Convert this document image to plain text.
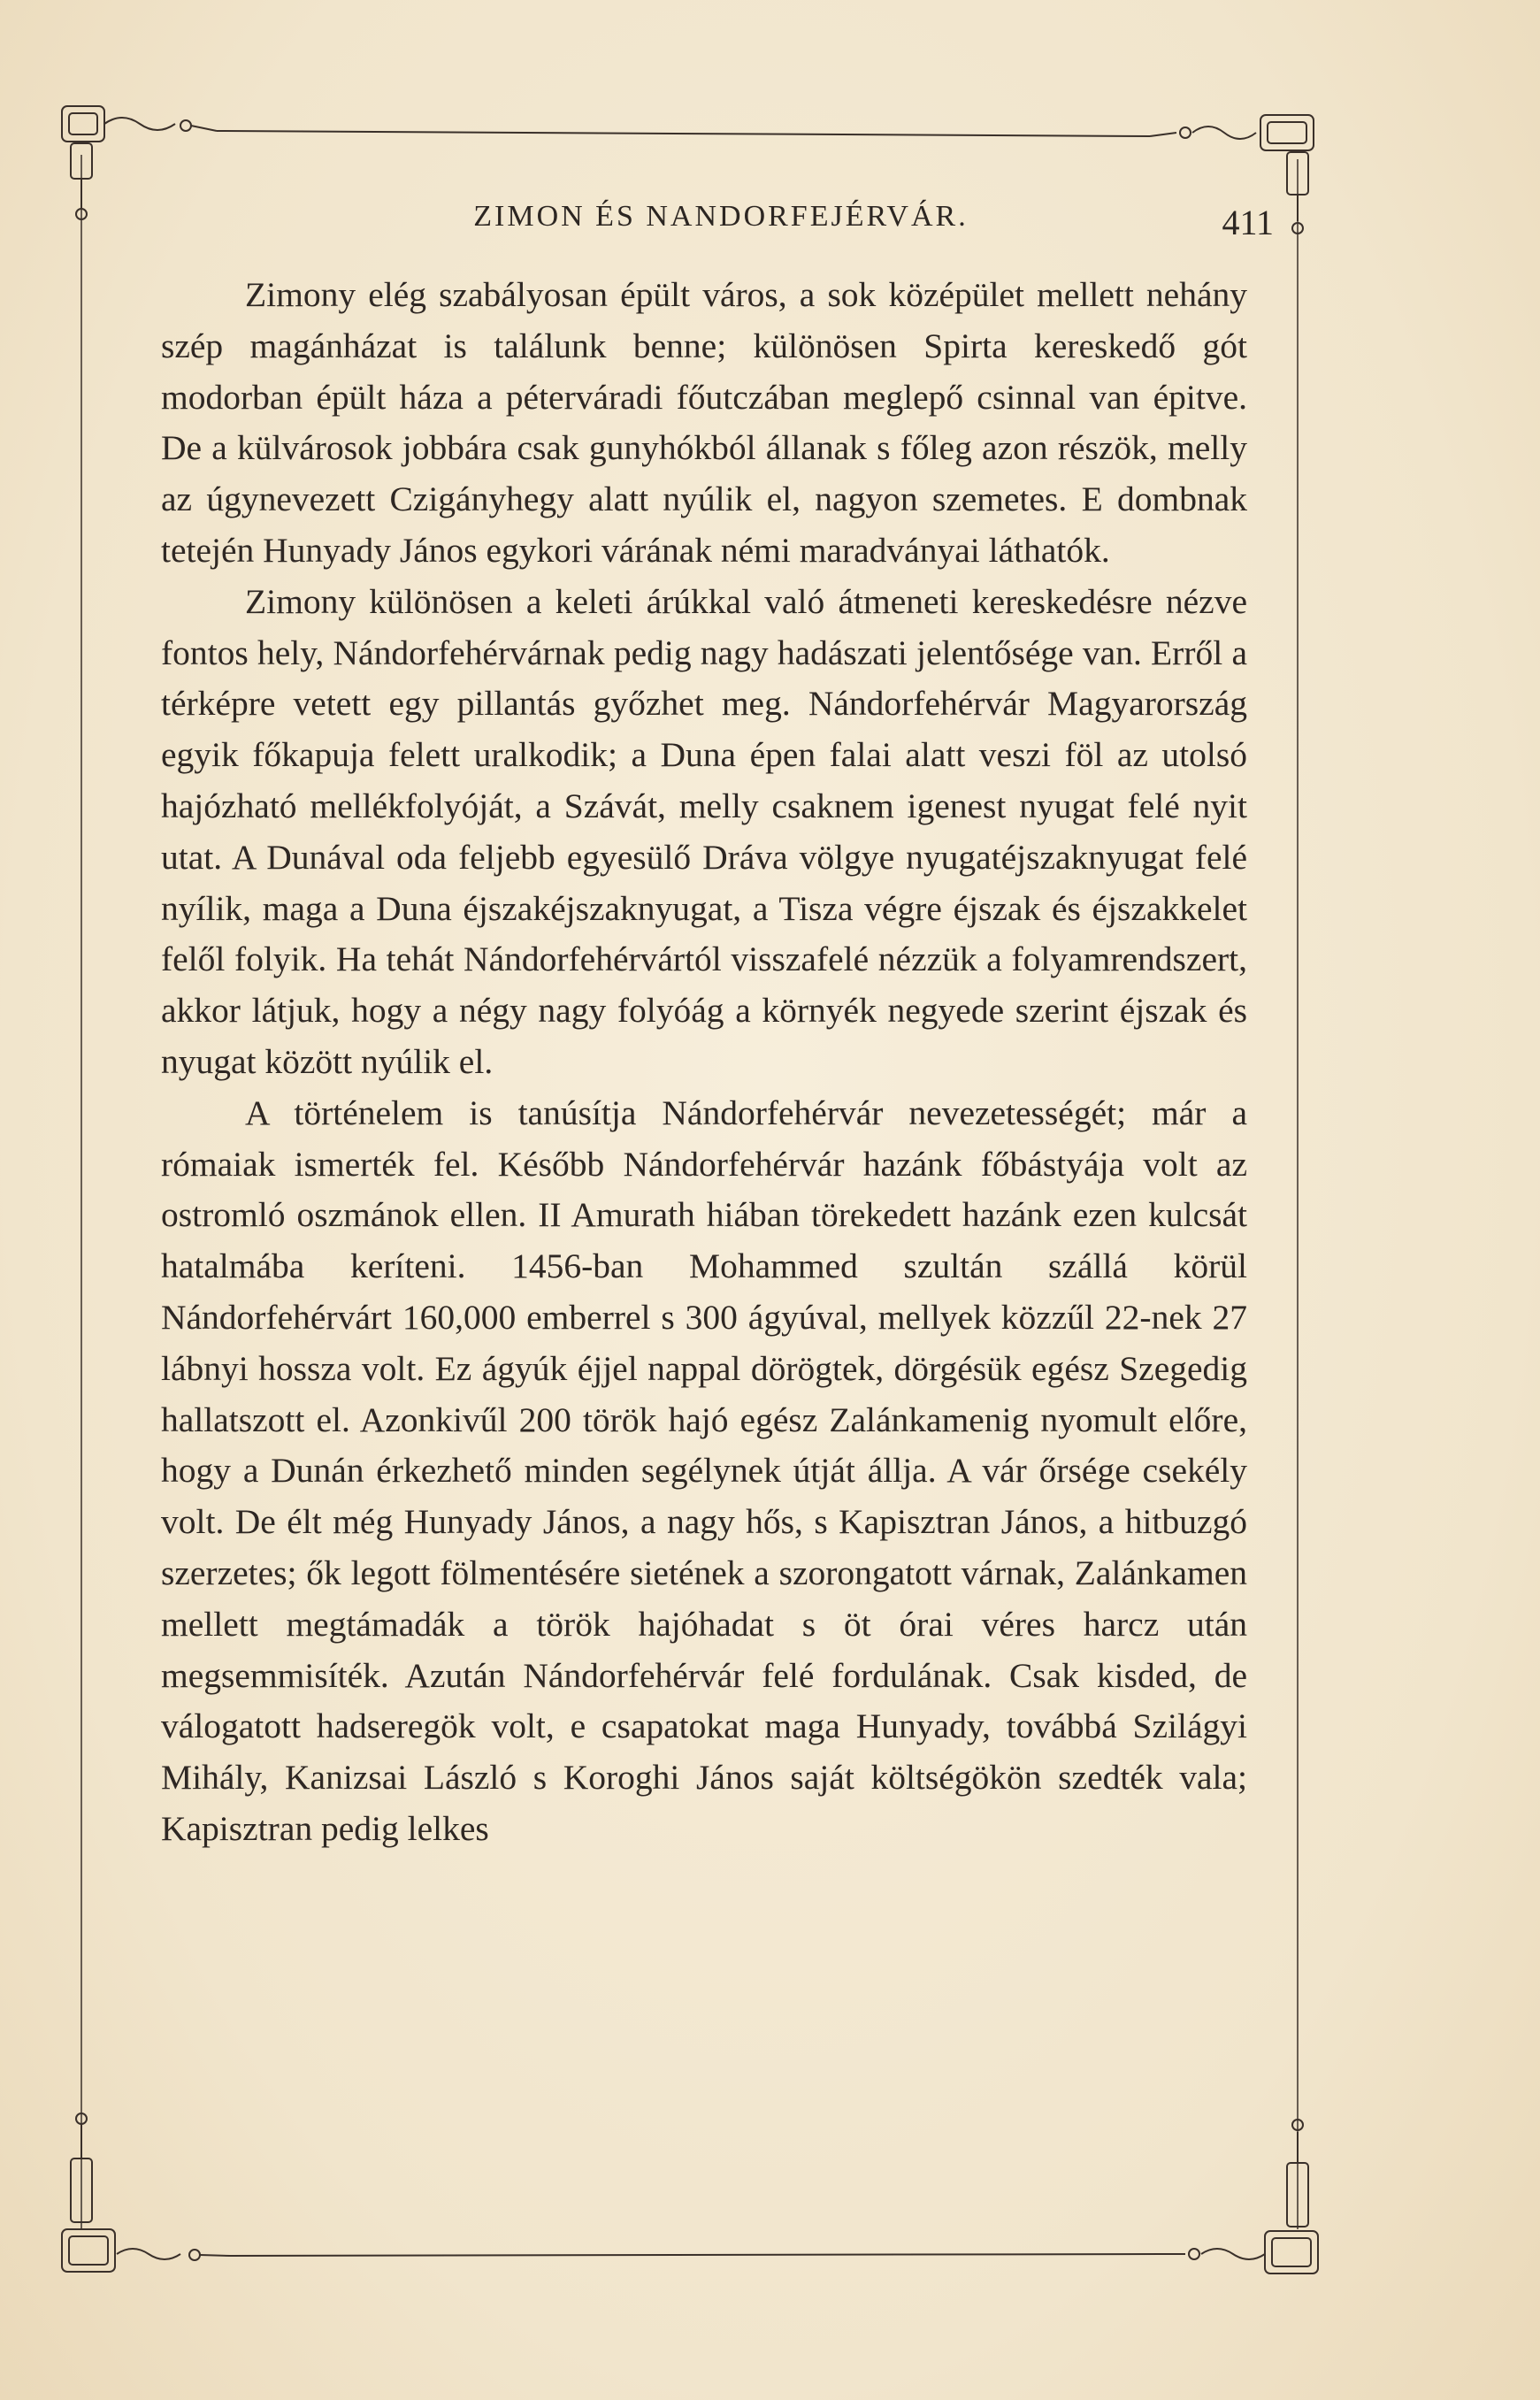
ZIMON ÉS NANDORFEJÉRVÁR.	411

Zimony elég szabályosan épült város, a sok középület mellett nehány szép magánházat is találunk benne; különösen Spirta kereskedő gót modorban épült háza a péterváradi főutczában meglepő csinnal van épitve. De a külvárosok jobbára csak gunyhókból állanak s főleg azon részök, melly az úgynevezett Czigányhegy alatt nyúlik el, nagyon szemetes. E dombnak tetején Hunyady János egykori várának némi maradványai láthatók.

Zimony különösen a keleti árúkkal való átmeneti kereskedésre nézve fontos hely, Nándorfehérvárnak pedig nagy hadászati jelentősége van. Erről a térképre vetett egy pillantás győzhet meg. Nándorfehérvár Magyarország egyik főkapuja felett uralkodik; a Duna épen falai alatt veszi föl az utolsó hajózható mellékfolyóját, a Szávát, melly csaknem igenest nyugat felé nyit utat. A Dunával oda feljebb egyesülő Dráva völgye nyugatéjszaknyugat felé nyílik, maga a Duna éjszakéjszaknyugat, a Tisza végre éjszak és éjszakkelet felől folyik. Ha tehát Nándorfehérvártól visszafelé nézzük a folyamrendszert, akkor látjuk, hogy a négy nagy folyóág a környék negyede szerint éjszak és nyugat között nyúlik el.

A történelem is tanúsítja Nándorfehérvár nevezetességét; már a rómaiak ismerték fel. Később Nándorfehérvár hazánk főbástyája volt az ostromló oszmánok ellen. II Amurath hiában törekedett hazánk ezen kulcsát hatalmába keríteni. 1456-ban Mohammed szultán szállá körül Nándorfehérvárt 160,000 emberrel s 300 ágyúval, mellyek közzűl 22-nek 27 lábnyi hossza volt. Ez ágyúk éjjel nappal dörögtek, dörgésük egész Szegedig hallatszott el. Azonkivűl 200 török hajó egész Zalánkamenig nyomult előre, hogy a Dunán érkezhető minden segélynek útját állja. A vár őrsége csekély volt. De élt még Hunyady János, a nagy hős, s Kapisztran János, a hitbuzgó szerzetes; ők legott fölmentésére sietének a szorongatott várnak, Zalánkamen mellett megtámadák a török hajóhadat s öt órai véres harcz után megsemmisíték. Azután Nándorfehérvár felé fordulának. Csak kisded, de válogatott hadseregök volt, e csapatokat maga Hunyady, továbbá Szilágyi Mihály, Kanizsai László s Koroghi János saját költségökön szedték vala; Kapisztran pedig lelkes
